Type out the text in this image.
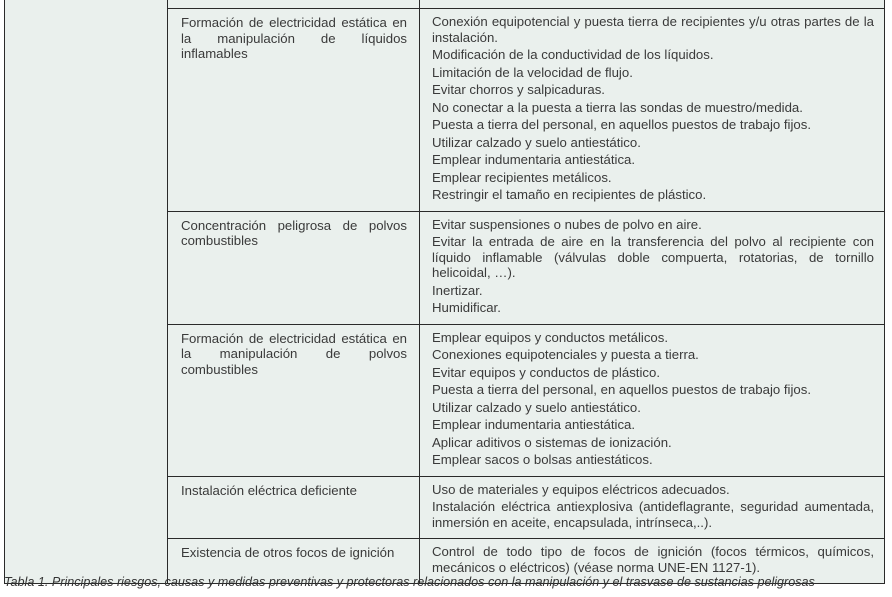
Formación de electricidad estática en la manipulación de líquidos inflamables
Conexión equipotencial y puesta tierra de recipientes y/u otras partes de la instalación.
Modificación de la conductividad de los líquidos.
Limitación de la velocidad de flujo.
Evitar chorros y salpicaduras.
No conectar a la puesta a tierra las sondas de muestro/medida.
Puesta a tierra del personal, en aquellos puestos de trabajo fijos.
Utilizar calzado y suelo antiestático.
Emplear indumentaria antiestática.
Emplear recipientes metálicos.
Restringir el tamaño en recipientes de plástico.
Concentración peligrosa de polvos combustibles
Evitar suspensiones o nubes de polvo en aire.
Evitar la entrada de aire en la transferencia del polvo al recipiente con líquido inflamable (válvulas doble compuerta, rotatorias, de tornillo helicoidal, …).
Inertizar.
Humidificar.
Formación de electricidad estática en la manipulación de polvos combustibles
Emplear equipos y conductos metálicos.
Conexiones equipotenciales y puesta a tierra.
Evitar equipos y conductos de plástico.
Puesta a tierra del personal, en aquellos puestos de trabajo fijos.
Utilizar calzado y suelo antiestático.
Emplear indumentaria antiestática.
Aplicar aditivos o sistemas de ionización.
Emplear sacos o bolsas antiestáticos.
Instalación eléctrica deficiente	Uso de materiales y equipos eléctricos adecuados.
Instalación eléctrica antiexplosiva (antideflagrante, seguridad aumentada, inmersión en aceite, encapsulada, intrínseca,..).
Existencia de otros focos de ignición	Control de todo tipo de focos de ignición (focos térmicos, químicos, mecánicos o eléctricos) (véase norma UNE-EN 1127-1).
Tabla 1. Principales riesgos, causas y medidas preventivas y protectoras relacionados con la manipulación y el trasvase de sustancias peligrosas
